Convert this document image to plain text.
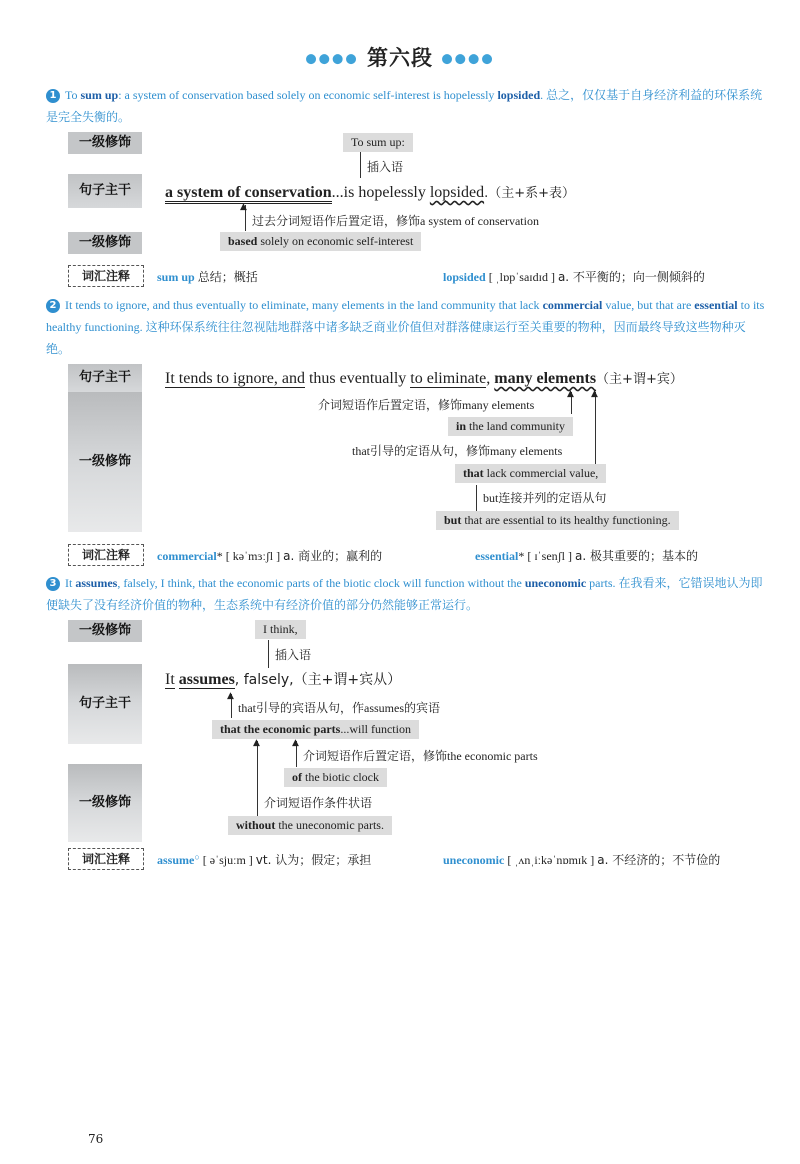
●●●● 第六段 ●●●●
1 To sum up: a system of conservation based solely on economic self-interest is hopelessly lopsided. 总之，仅仅基于自身经济利益的环保系统是完全失衡的。
一级修饰
句子主干
一级修饰
To sum up:
插入语
a system of conservation...is hopelessly lopsided.（主+系+表）
▲
过去分词短语作后置定语，修饰a system of conservation
based solely on economic self-interest
词汇注释	sum up 总结；概括	lopsided [ ˌlɒpˈsaɪdɪd ] a. 不平衡的；向一侧倾斜的
2 It tends to ignore, and thus eventually to eliminate, many elements in the land community that lack commercial value, but that are essential to its healthy functioning. 这种环保系统往往忽视陆地群落中诸多缺乏商业价值但对群落健康运行至关重要的物种，因而最终导致这些物种灭绝。
句子主干
一级修饰
It tends to ignore, and thus eventually to eliminate, many elements（主+谓+宾）
▲ ▲
介词短语作后置定语，修饰many elements
in the land community
that引导的定语从句，修饰many elements
that lack commercial value,
but连接并列的定语从句
but that are essential to its healthy functioning.
词汇注释	commercial* [ kəˈmɜːʃl ] a. 商业的；赢利的	essential* [ ɪˈsenʃl ] a. 极其重要的；基本的
3 It assumes, falsely, I think, that the economic parts of the biotic clock will function without the uneconomic parts. 在我看来，它错误地认为即便缺失了没有经济价值的物种，生态系统中有经济价值的部分仍然能够正常运行。
一级修饰
句子主干
一级修饰
I think,
插入语
It assumes, falsely,（主+谓+宾从）
▲
that引导的宾语从句，作assumes的宾语
that the economic parts...will function
▲
介词短语作后置定语，修饰the economic parts
of the biotic clock
▲
介词短语作条件状语
without the uneconomic parts.
词汇注释	assume○ [ əˈsjuːm ] vt. 认为；假定；承担	uneconomic [ ˌʌnˌiːkəˈnɒmɪk ] a. 不经济的；不节俭的
76
